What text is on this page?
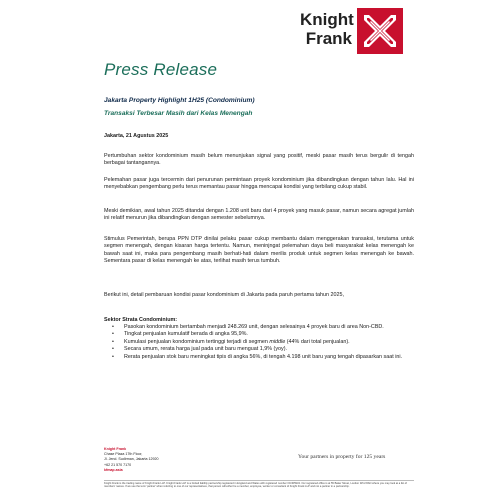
Knight
Frank
Press Release
Jakarta Property Highlight 1H25 (Condominium)
Transaksi Terbesar Masih dari Kelas Menengah
Jakarta, 21 Agustus 2025

Pertumbuhan sektor kondominium masih belum menunjukan signal yang positif, meski pasar masih terus bergulir di tengah berbagai tantangannya.

Pelemahan pasar juga tercermin dari penurunan permintaan proyek kondominium jika dibandingkan dengan tahun lalu. Hal ini menyebabkan pengembang perlu terus memantau pasar hingga mencapai kondisi yang terbilang cukup stabil.

Meski demikian, awal tahun 2025 ditandai dengan 1.208 unit baru dari 4 proyek yang masuk pasar, namun secara agregat jumlah ini relatif menurun jika dibandingkan dengan semester sebelumnya.

Stimulus Pemerintah, berupa PPN DTP dinilai pelaku pasar cukup membantu dalam menggerakan transaksi, terutama untuk segmen menengah, dengan kisaran harga tertentu. Namun, meninjngat pelemahan daya beli masyarakat kelas menengah ke bawah saat ini, maka para pengembang masih berhati-hati dalam merilis produk untuk segmen kelas menengah ke bawah. Sementara pasar di kelas menengah ke atas, terlihat masih terus tumbuh.

Berikut ini, detail pembaruan kondisi pasar kondominium di Jakarta pada paruh pertama tahun 2025,

Sektor Strata Condominium:
• Pasokan kondominium bertambah menjadi 248.269 unit, dengan selesainya 4 proyek baru di area Non-CBD.
• Tingkat penjualan kumulatif berada di angka 95,9%.
• Kumulasi penjualan kondominium tertinggi terjadi di segmen middle (44% dari total penjualan).
• Secara umum, rerata harga jual pada unit baru menguat 1,9% (yoy).
• Rerata penjualan stok baru meningkat tipis di angka 56%, di tengah 4.198 unit baru yang tengah dipasarkan saat ini.
Knight Frank
Chase Plaza 17th Floor,
Jl. Jend. Sudirman, Jakarta 12920
+62 21 570 7170
kfmap.asia
Your partners in property for 125 years
Knight Frank is the trading name of Knight Frank LLP. Knight Frank LLP is a limited liability partnership registered in England and Wales with registered number OC305934. Our registered office is at 55 Baker Street, London W1U 8AN where you may look at a list of members' names. If we use the term 'partner' when referring to one of our representatives, that person will either be a member, employee, worker or consultant of Knight Frank LLP and not a partner in a partnership.
